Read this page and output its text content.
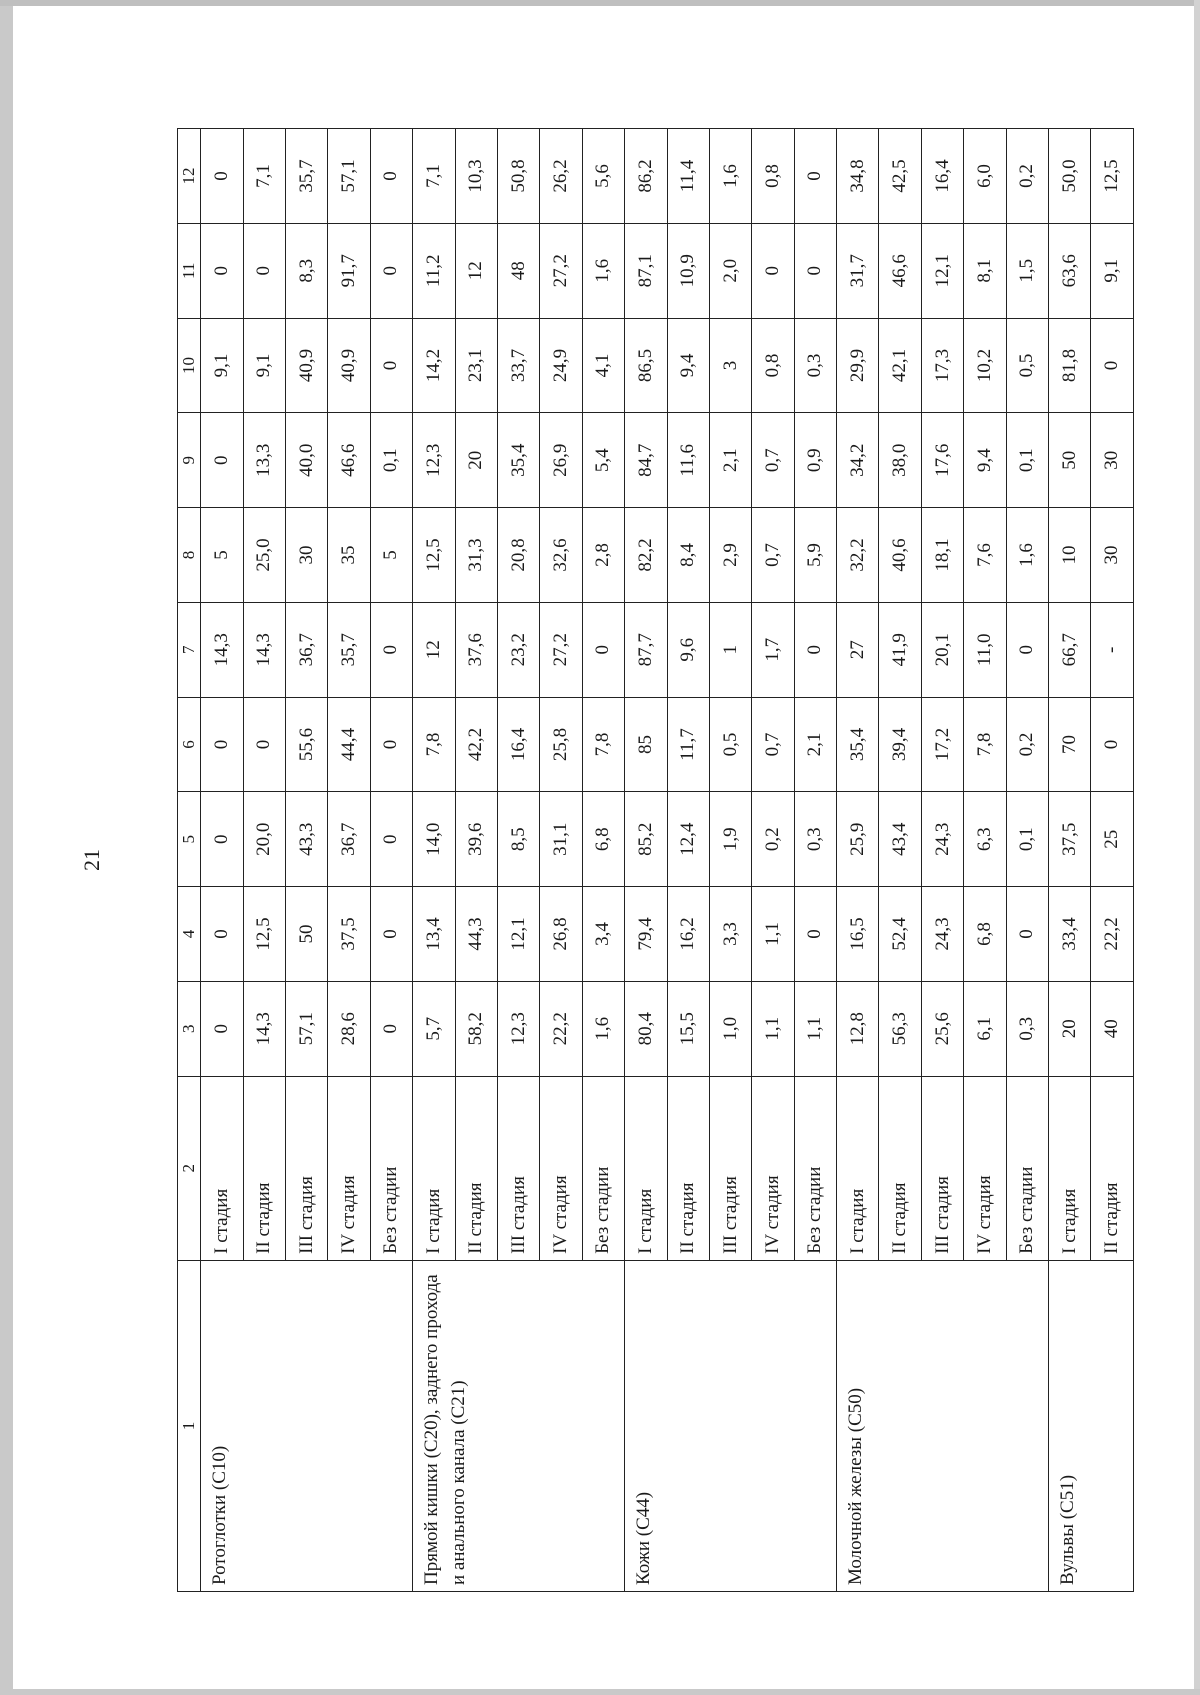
21
1	2	3	4	5	6	7	8	9	10	11	12
Ротоглотки (С10)	I стадия	0	0	0	0	14,3	5	0	9,1	0	0
	II стадия	14,3	12,5	20,0	0	14,3	25,0	13,3	9,1	0	7,1
	III стадия	57,1	50	43,3	55,6	36,7	30	40,0	40,9	8,3	35,7
	IV стадия	28,6	37,5	36,7	44,4	35,7	35	46,6	40,9	91,7	57,1
	Без стадии	0	0	0	0	0	5	0,1	0	0	0
Прямой кишки (С20), заднего прохода и анального канала (С21)	I стадия	5,7	13,4	14,0	7,8	12	12,5	12,3	14,2	11,2	7,1
	II стадия	58,2	44,3	39,6	42,2	37,6	31,3	20	23,1	12	10,3
	III стадия	12,3	12,1	8,5	16,4	23,2	20,8	35,4	33,7	48	50,8
	IV стадия	22,2	26,8	31,1	25,8	27,2	32,6	26,9	24,9	27,2	26,2
	Без стадии	1,6	3,4	6,8	7,8	0	2,8	5,4	4,1	1,6	5,6
Кожи (С44)	I стадия	80,4	79,4	85,2	85	87,7	82,2	84,7	86,5	87,1	86,2
	II стадия	15,5	16,2	12,4	11,7	9,6	8,4	11,6	9,4	10,9	11,4
	III стадия	1,0	3,3	1,9	0,5	1	2,9	2,1	3	2,0	1,6
	IV стадия	1,1	1,1	0,2	0,7	1,7	0,7	0,7	0,8	0	0,8
	Без стадии	1,1	0	0,3	2,1	0	5,9	0,9	0,3	0	0
Молочной железы (С50)	I стадия	12,8	16,5	25,9	35,4	27	32,2	34,2	29,9	31,7	34,8
	II стадия	56,3	52,4	43,4	39,4	41,9	40,6	38,0	42,1	46,6	42,5
	III стадия	25,6	24,3	24,3	17,2	20,1	18,1	17,6	17,3	12,1	16,4
	IV стадия	6,1	6,8	6,3	7,8	11,0	7,6	9,4	10,2	8,1	6,0
	Без стадии	0,3	0	0,1	0,2	0	1,6	0,1	0,5	1,5	0,2
Вульвы (С51)	I стадия	20	33,4	37,5	70	66,7	10	50	81,8	63,6	50,0
	II стадия	40	22,2	25	0	-	30	30	0	9,1	12,5
